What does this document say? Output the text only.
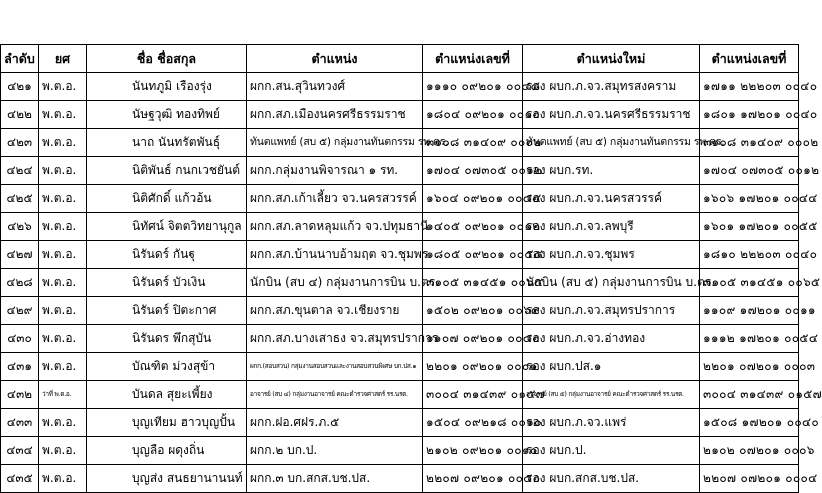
ลำดับ	ยศ	ชื่อ ชื่อสกุล	ตำแหน่ง	ตำแหน่งเลขที่	ตำแหน่งใหม่	ตำแหน่งเลขที่
๔๒๑	พ.ต.อ.	นันทภูมิ เรืองรุ่ง	ผกก.สน.สุวินทวงศ์	๑๑๑๐ ๐๙๒๐๑ ๐๐๔๘	รอง ผบก.ภ.จว.สมุทรสงคราม	๑๗๑๑ ๒๒๒๐๓ ๐๐๔๐
๔๒๒	พ.ต.อ.	นัษฐวุฒิ ทองทิพย์	ผกก.สภ.เมืองนครศรีธรรมราช	๑๘๐๔ ๐๙๒๐๑ ๐๐๑๐	รอง ผบก.ภ.จว.นครศรีธรรมราช	๑๘๐๑ ๑๗๒๐๑ ๐๐๔๐
๔๒๓	พ.ต.อ.	นาถ นันทรัตพันธุ์	ทันตแพทย์ (สบ ๕) กลุ่มงานทันตกรรม รพ.ตร.	๓๑๐๘ ๓๑๔๐๙ ๐๐๐๒	ทันตแพทย์ (สบ ๕) กลุ่มงานทันตกรรม รพ.ตร.	๓๑๐๘ ๓๑๔๐๙ ๐๐๐๒
๔๒๔	พ.ต.อ.	นิติพันธ์ กนกเวชยันต์	ผกก.กลุ่มงานพิจารณา ๑ รท.	๑๗๐๔ ๐๗๓๐๕ ๐๐๑๒	รอง ผบก.รท.	๑๗๐๔ ๐๗๓๐๕ ๐๐๑๒
๔๒๕	พ.ต.อ.	นิติศักดิ์ แก้วอ้น	ผกก.สภ.เก้าเลี้ยว จว.นครสวรรค์	๑๖๐๔ ๐๙๒๐๑ ๐๐๔๔	รอง ผบก.ภ.จว.นครสวรรค์	๑๖๐๖ ๑๗๒๐๑ ๐๐๔๔
๔๒๖	พ.ต.อ.	นิทัศน์ จิตตวิทยานุกูล	ผกก.สภ.ลาดหลุมแก้ว จว.ปทุมธานี	๑๔๐๕ ๐๙๒๐๑ ๐๐๑๒	รอง ผบก.ภ.จว.ลพบุรี	๑๖๐๑ ๑๗๒๐๑ ๐๐๕๕
๔๒๗	พ.ต.อ.	นิรันดร์ กันฐุ	ผกก.สภ.บ้านนาบอ้ามฤต จว.ชุมพร	๑๘๐๕ ๐๙๒๐๑ ๐๐๕๕	รอง ผบก.ภ.จว.ชุมพร	๑๘๑๐ ๒๒๒๐๓ ๐๐๔๐
๔๒๘	พ.ต.อ.	นิรันดร์ บัวเงิน	นักบิน (สบ ๔) กลุ่มงานการบิน บ.ตร.	๓๑๐๕ ๓๑๔๕๑ ๐๐๖๕	นักบิน (สบ ๕) กลุ่มงานการบิน บ.ตร.	๓๑๐๕ ๓๑๔๕๑ ๐๐๖๕
๔๒๙	พ.ต.อ.	นิรันดร์ ปิตะกาศ	ผกก.สภ.ขุนตาล จว.เชียงราย	๑๕๐๒ ๐๙๒๐๑ ๐๐๖๙	รอง ผบก.ภ.จว.สมุทรปราการ	๑๑๐๙ ๑๗๒๐๑ ๐๐๑๑
๔๓๐	พ.ต.อ.	นิรันดร พึกสุบัน	ผกก.สภ.บางเสาธง จว.สมุทรปราการ	๑๑๐๗ ๐๙๒๐๑ ๐๐๔๐	รอง ผบก.ภ.จว.อ่างทอง	๑๑๑๒ ๑๗๒๐๑ ๐๐๕๔
๔๓๑	พ.ต.อ.	บัณฑิต ม่วงสุข้า	ผกก.(สอบสวน) กลุ่มงานสอบสวนและงานสอบสวนพิเศษ บก.ปส.๑	๒๒๐๑ ๐๙๒๐๑ ๐๐๐๑	รอง ผบก.ปส.๑	๒๒๐๑ ๐๗๒๐๑ ๐๐๐๓
๔๓๒	ว่าที่ พ.ต.อ.	บันดล สุยะเพี้ยง	อาจารย์ (สบ ๔) กลุ่มงานอาจารย์ คณะตำรวจศาสตร์ รร.นรต.	๓๐๐๔ ๓๑๔๓๙ ๐๑๕๗	อาจารย์ (สบ ๕) กลุ่มงานอาจารย์ คณะตำรวจศาสตร์ รร.นรต.	๓๐๐๔ ๓๑๔๓๙ ๐๑๕๗
๔๓๓	พ.ต.อ.	บุญเทียม ฮาวบุญปั้น	ผกก.ฝอ.ศฝร.ภ.๕	๑๕๐๔ ๐๙๒๑๘ ๐๐๑๐	รอง ผบก.ภ.จว.แพร่	๑๕๐๘ ๑๗๒๐๑ ๐๐๔๐
๔๓๔	พ.ต.อ.	บุญลือ ผดุงถิ่น	ผกก.๒ บก.ป.	๒๑๐๒ ๐๙๒๐๑ ๐๐๑๐	รอง ผบก.ป.	๒๑๐๒ ๐๗๒๐๑ ๐๐๐๖
๔๓๕	พ.ต.อ.	บุญส่ง สนธยานานนท์	ผกก.๓ บก.สกส.บช.ปส.	๒๒๐๗ ๐๙๒๐๑ ๐๐๕๐	รอง ผบก.สกส.บช.ปส.	๒๒๐๗ ๐๗๒๐๑ ๐๐๐๔
